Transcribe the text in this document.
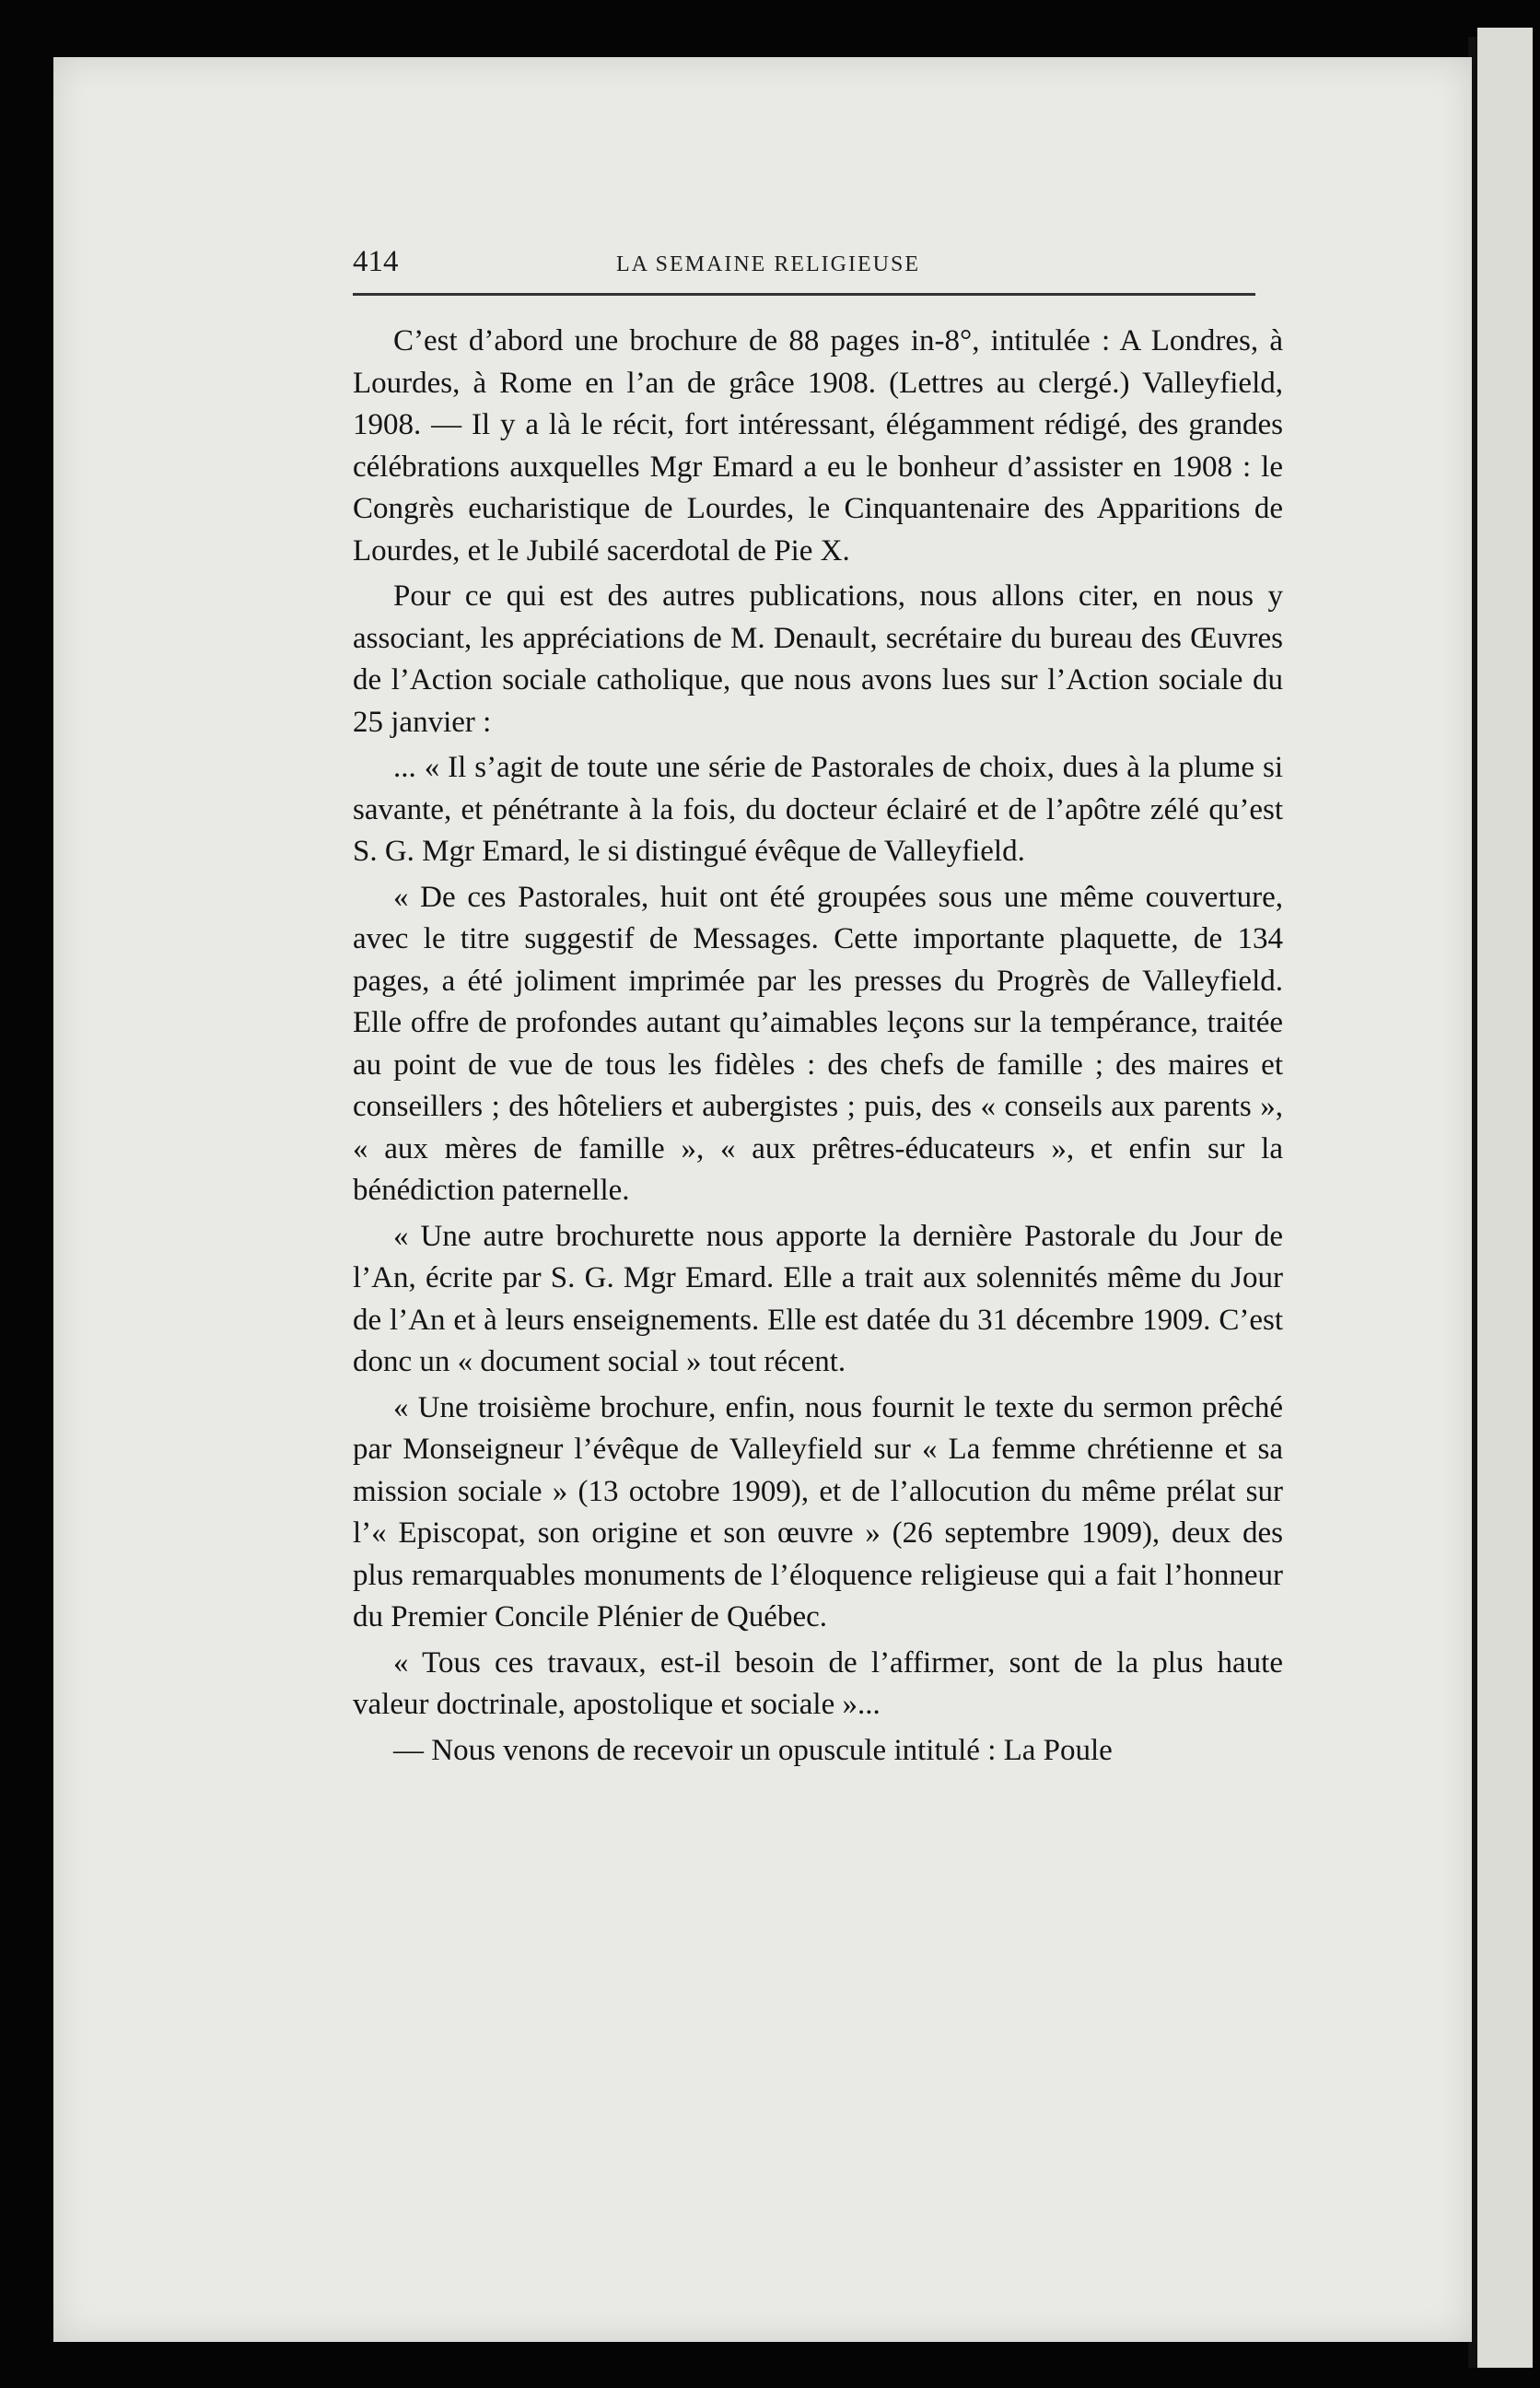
414	LA SEMAINE RELIGIEUSE

C’est d’abord une brochure de 88 pages in-8°, intitulée : A Londres, à Lourdes, à Rome en l’an de grâce 1908. (Lettres au clergé.) Valleyfield, 1908. — Il y a là le récit, fort intéressant, élégamment rédigé, des grandes célébrations auxquelles Mgr Emard a eu le bonheur d’assister en 1908 : le Congrès eucharistique de Lourdes, le Cinquantenaire des Apparitions de Lourdes, et le Jubilé sacerdotal de Pie X.

Pour ce qui est des autres publications, nous allons citer, en nous y associant, les appréciations de M. Denault, secrétaire du bureau des Œuvres de l’Action sociale catholique, que nous avons lues sur l’Action sociale du 25 janvier :

... « Il s’agit de toute une série de Pastorales de choix, dues à la plume si savante, et pénétrante à la fois, du docteur éclairé et de l’apôtre zélé qu’est S. G. Mgr Emard, le si distingué évêque de Valleyfield.

« De ces Pastorales, huit ont été groupées sous une même couverture, avec le titre suggestif de Messages. Cette importante plaquette, de 134 pages, a été joliment imprimée par les presses du Progrès de Valleyfield. Elle offre de profondes autant qu’aimables leçons sur la tempérance, traitée au point de vue de tous les fidèles : des chefs de famille ; des maires et conseillers ; des hôteliers et aubergistes ; puis, des « conseils aux parents », « aux mères de famille », « aux prêtres-éducateurs », et enfin sur la bénédiction paternelle.

« Une autre brochurette nous apporte la dernière Pastorale du Jour de l’An, écrite par S. G. Mgr Emard. Elle a trait aux solennités même du Jour de l’An et à leurs enseignements. Elle est datée du 31 décembre 1909. C’est donc un « document social » tout récent.

« Une troisième brochure, enfin, nous fournit le texte du sermon prêché par Monseigneur l’évêque de Valleyfield sur « La femme chrétienne et sa mission sociale » (13 octobre 1909), et de l’allocution du même prélat sur l’« Episcopat, son origine et son œuvre » (26 septembre 1909), deux des plus remarquables monuments de l’éloquence religieuse qui a fait l’honneur du Premier Concile Plénier de Québec.

« Tous ces travaux, est-il besoin de l’affirmer, sont de la plus haute valeur doctrinale, apostolique et sociale »...

— Nous venons de recevoir un opuscule intitulé : La Poule
